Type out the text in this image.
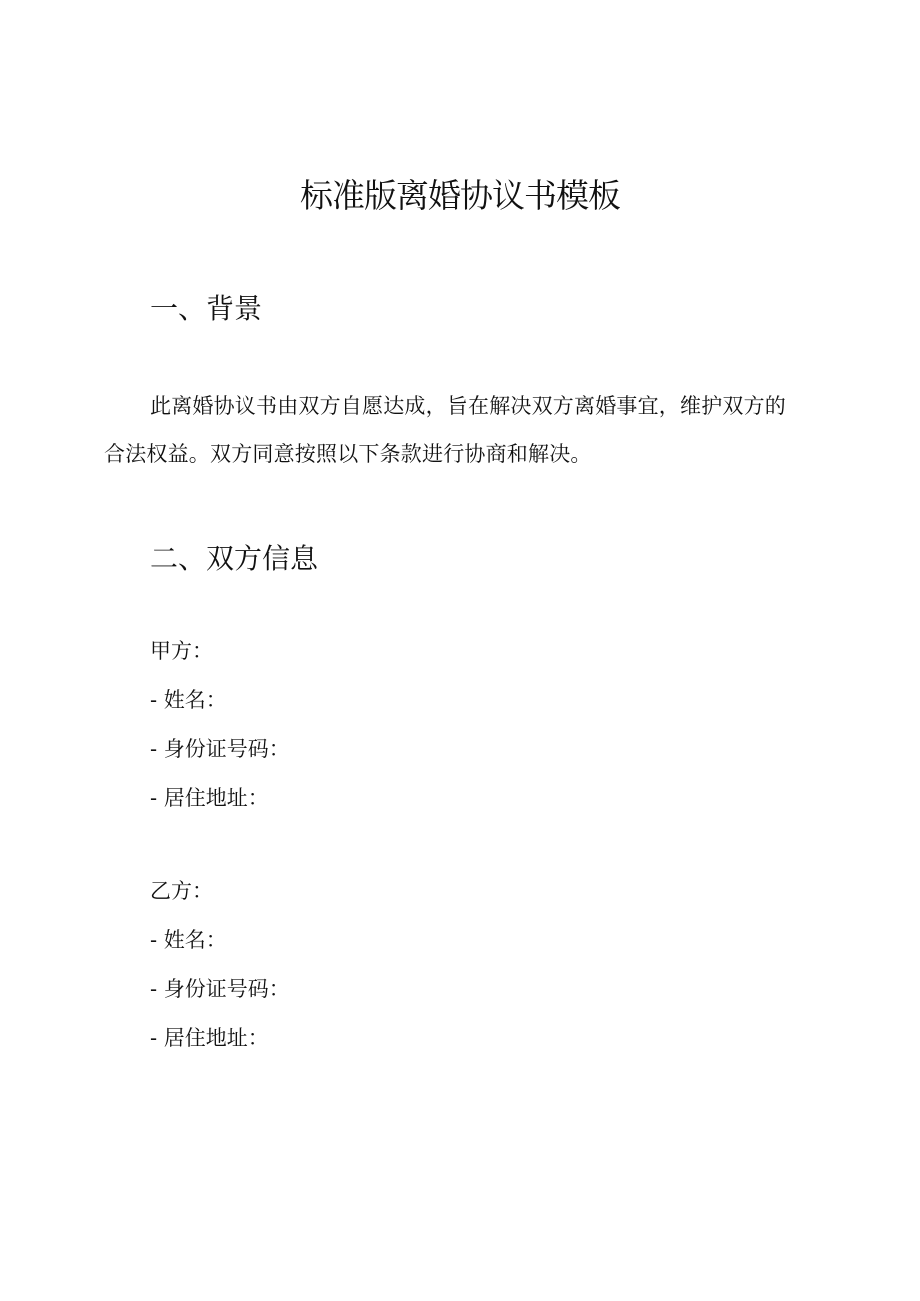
标准版离婚协议书模板
一、背景
此离婚协议书由双方自愿达成，旨在解决双方离婚事宜，维护双方的合法权益。双方同意按照以下条款进行协商和解决。
二、双方信息
甲方：
- 姓名：
- 身份证号码：
- 居住地址：
乙方：
- 姓名：
- 身份证号码：
- 居住地址：
